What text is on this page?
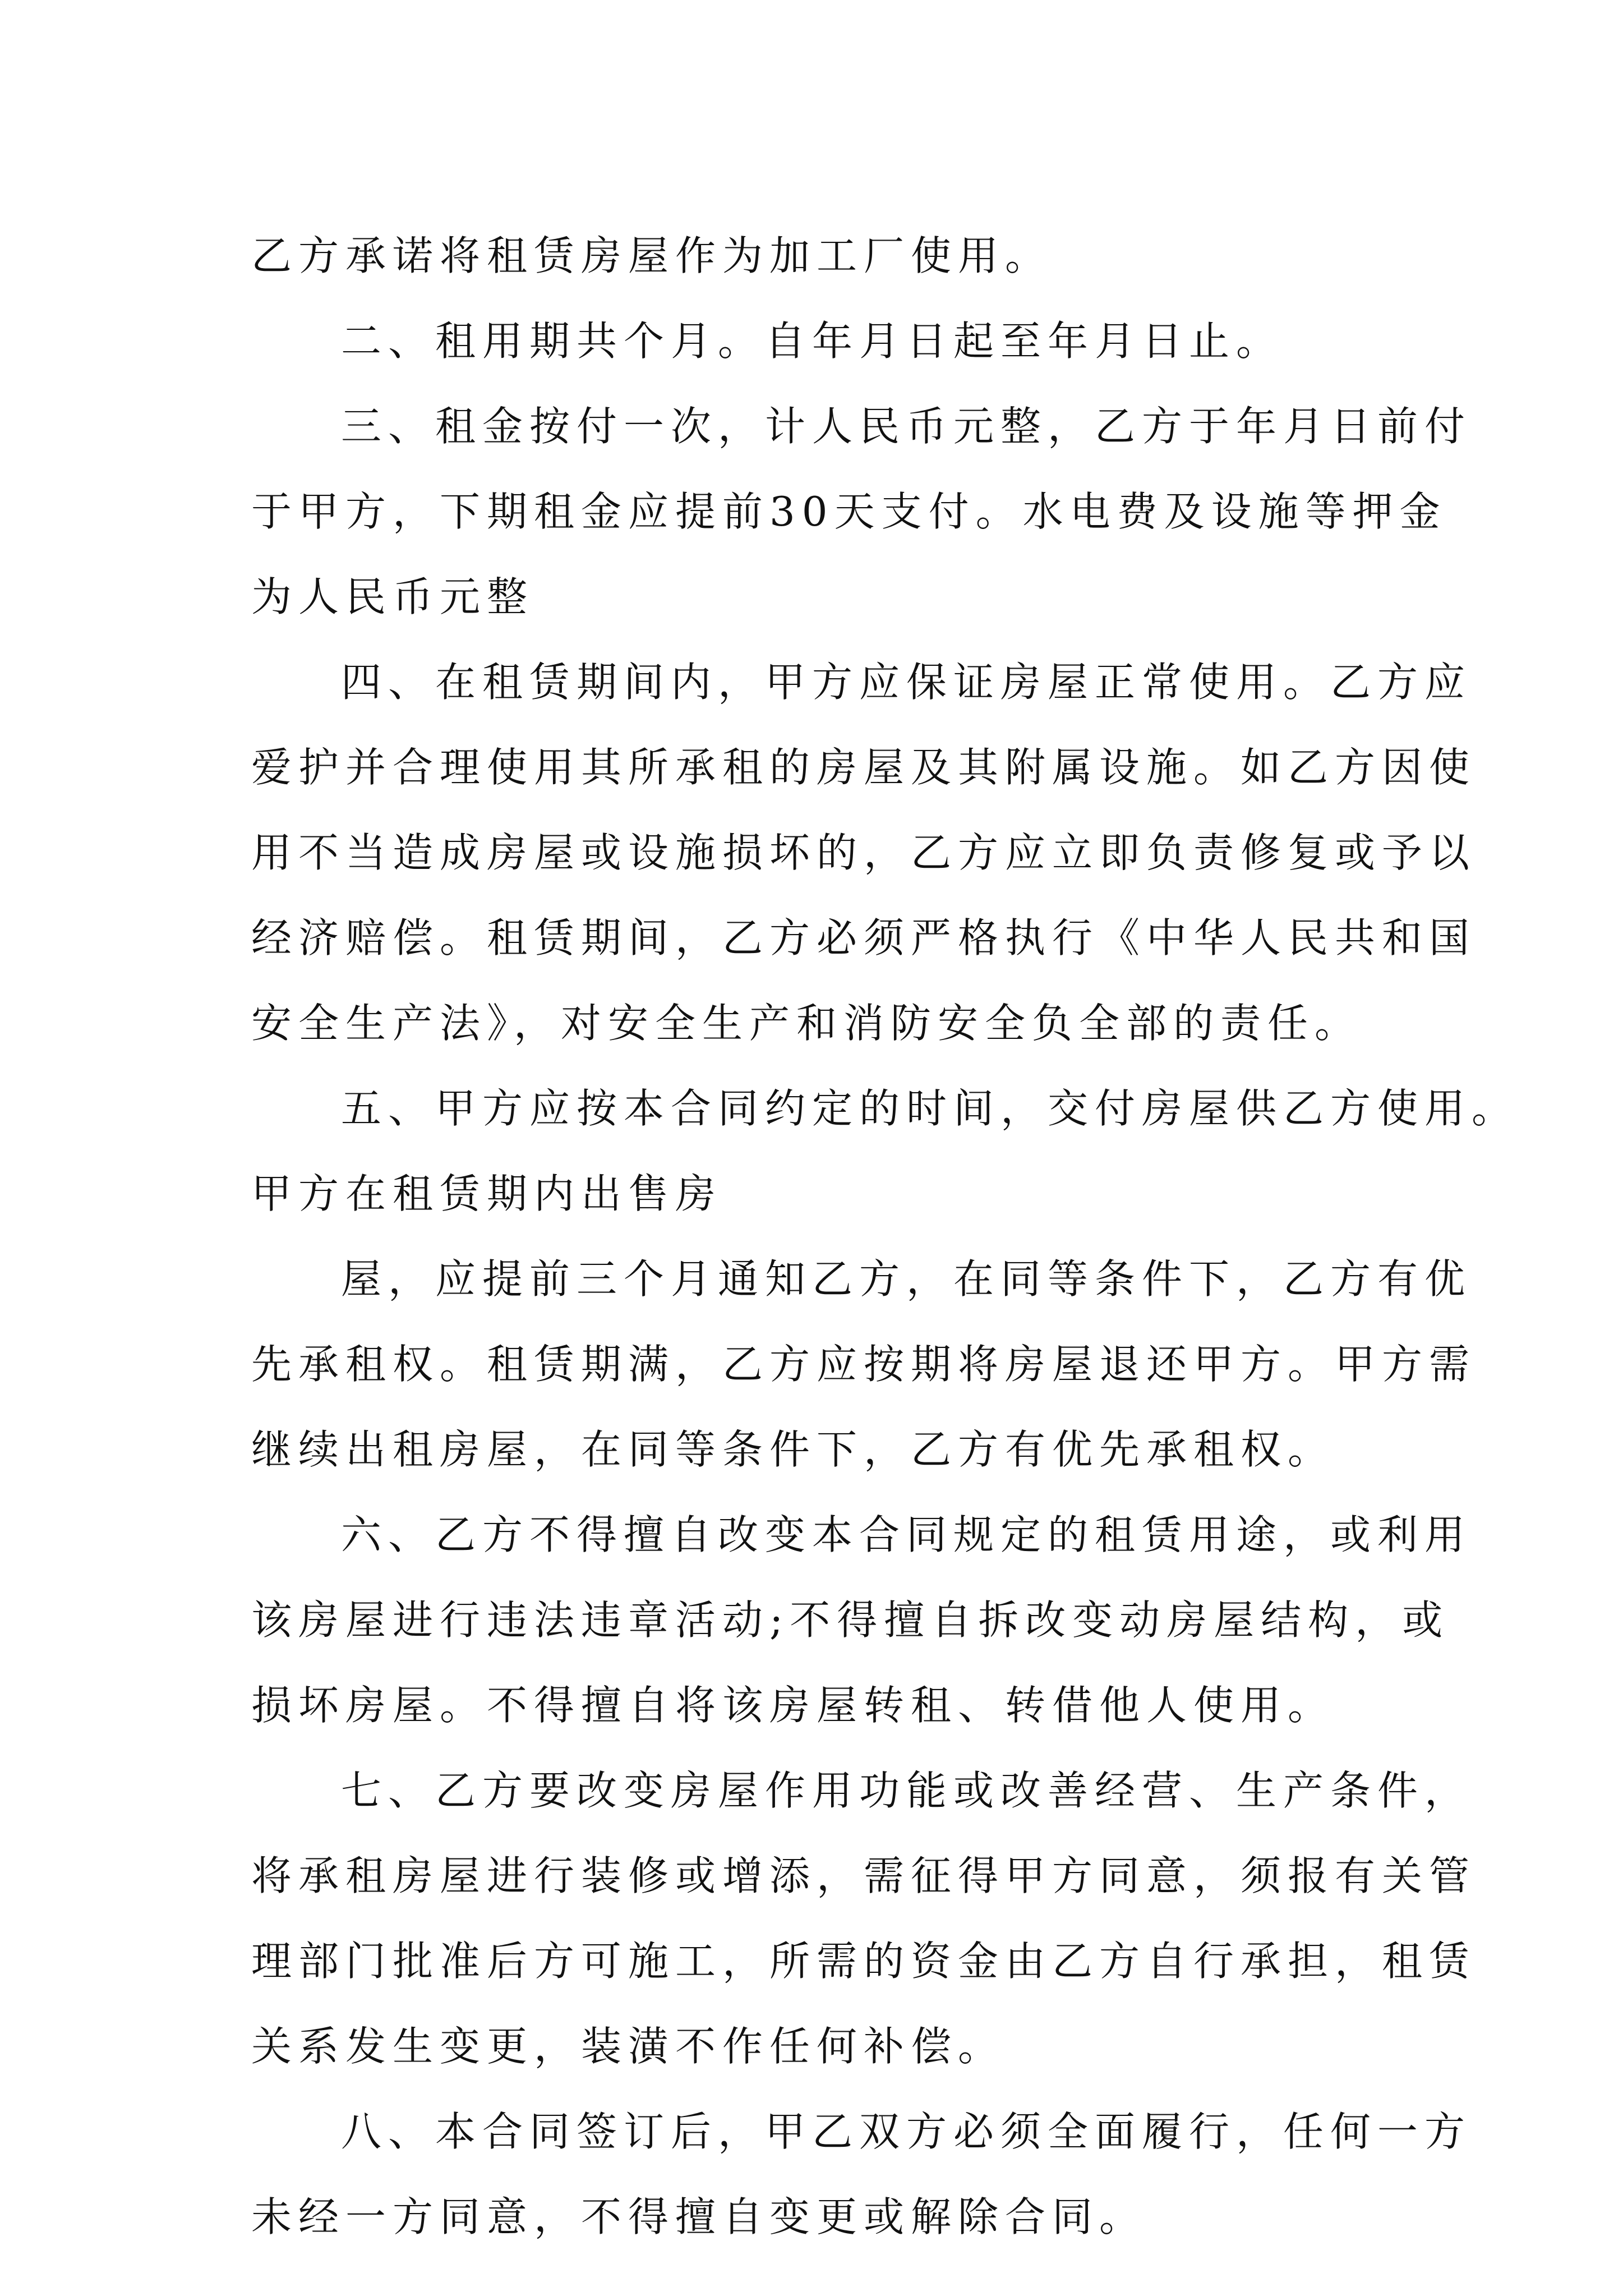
乙方承诺将租赁房屋作为加工厂使用。
二、租用期共个月。自年月日起至年月日止。
三、租金按付一次，计人民币元整，乙方于年月日前付
于甲方，下期租金应提前30天支付。水电费及设施等押金
为人民币元整
四、在租赁期间内，甲方应保证房屋正常使用。乙方应
爱护并合理使用其所承租的房屋及其附属设施。如乙方因使
用不当造成房屋或设施损坏的，乙方应立即负责修复或予以
经济赔偿。租赁期间，乙方必须严格执行《中华人民共和国
安全生产法》，对安全生产和消防安全负全部的责任。
五、甲方应按本合同约定的时间，交付房屋供乙方使用。
甲方在租赁期内出售房
屋，应提前三个月通知乙方，在同等条件下，乙方有优
先承租权。租赁期满，乙方应按期将房屋退还甲方。甲方需
继续出租房屋，在同等条件下，乙方有优先承租权。
六、乙方不得擅自改变本合同规定的租赁用途，或利用
该房屋进行违法违章活动;不得擅自拆改变动房屋结构，或
损坏房屋。不得擅自将该房屋转租、转借他人使用。
七、乙方要改变房屋作用功能或改善经营、生产条件，
将承租房屋进行装修或增添，需征得甲方同意，须报有关管
理部门批准后方可施工，所需的资金由乙方自行承担，租赁
关系发生变更，装潢不作任何补偿。
八、本合同签订后，甲乙双方必须全面履行，任何一方
未经一方同意，不得擅自变更或解除合同。
